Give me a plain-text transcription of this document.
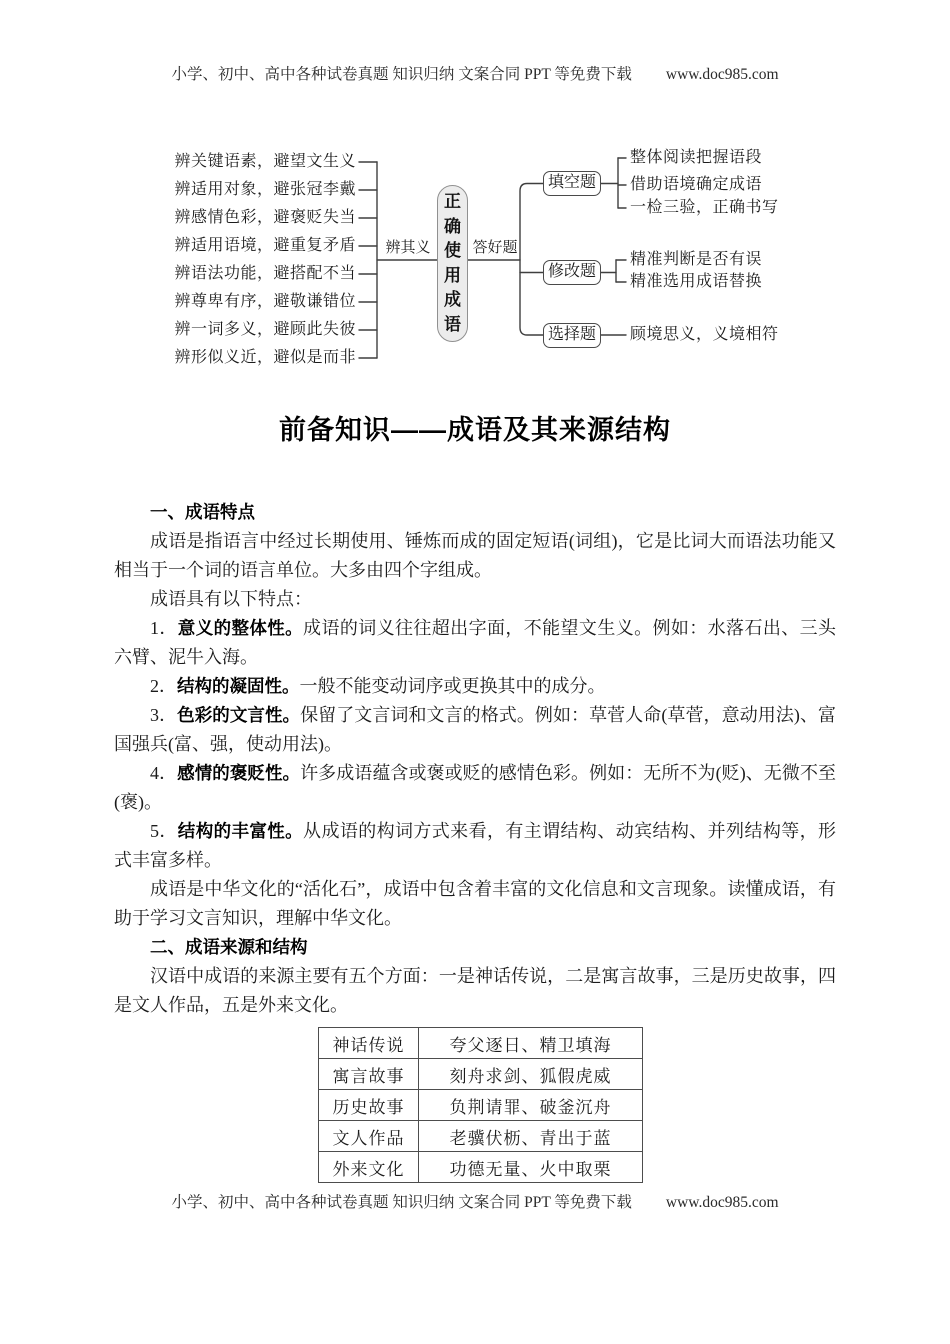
小学、初中、高中各种试卷真题 知识归纳 文案合同 PPT 等免费下载 www.doc985.com
辨关键语素，避望文生义
辨适用对象，避张冠李戴
辨感情色彩，避褒贬失当
辨适用语境，避重复矛盾
辨语法功能，避搭配不当
辨尊卑有序，避敬谦错位
辨一词多义，避顾此失彼
辨形似义近，避似是而非
辨其义
正确使用成语
答好题
填空题
修改题
选择题
整体阅读把握语段
借助语境确定成语
一检三验，正确书写
精准判断是否有误
精准选用成语替换
顾境思义，义境相符
前备知识——成语及其来源结构

一、成语特点

成语是指语言中经过长期使用、锤炼而成的固定短语(词组)，它是比词大而语法功能又相当于一个词的语言单位。大多由四个字组成。

成语具有以下特点：

1．意义的整体性。成语的词义往往超出字面，不能望文生义。例如：水落石出、三头六臂、泥牛入海。

2．结构的凝固性。一般不能变动词序或更换其中的成分。

3．色彩的文言性。保留了文言词和文言的格式。例如：草菅人命(草菅，意动用法)、富国强兵(富、强，使动用法)。

4．感情的褒贬性。许多成语蕴含或褒或贬的感情色彩。例如：无所不为(贬)、无微不至(褒)。

5．结构的丰富性。从成语的构词方式来看，有主谓结构、动宾结构、并列结构等，形式丰富多样。

成语是中华文化的“活化石”，成语中包含着丰富的文化信息和文言现象。读懂成语，有助于学习文言知识，理解中华文化。

二、成语来源和结构

汉语中成语的来源主要有五个方面：一是神话传说，二是寓言故事，三是历史故事，四是文人作品，五是外来文化。

神话传说	夸父逐日、精卫填海
寓言故事	刻舟求剑、狐假虎威
历史故事	负荆请罪、破釜沉舟
文人作品	老骥伏枥、青出于蓝
外来文化	功德无量、火中取栗
小学、初中、高中各种试卷真题 知识归纳 文案合同 PPT 等免费下载 www.doc985.com
